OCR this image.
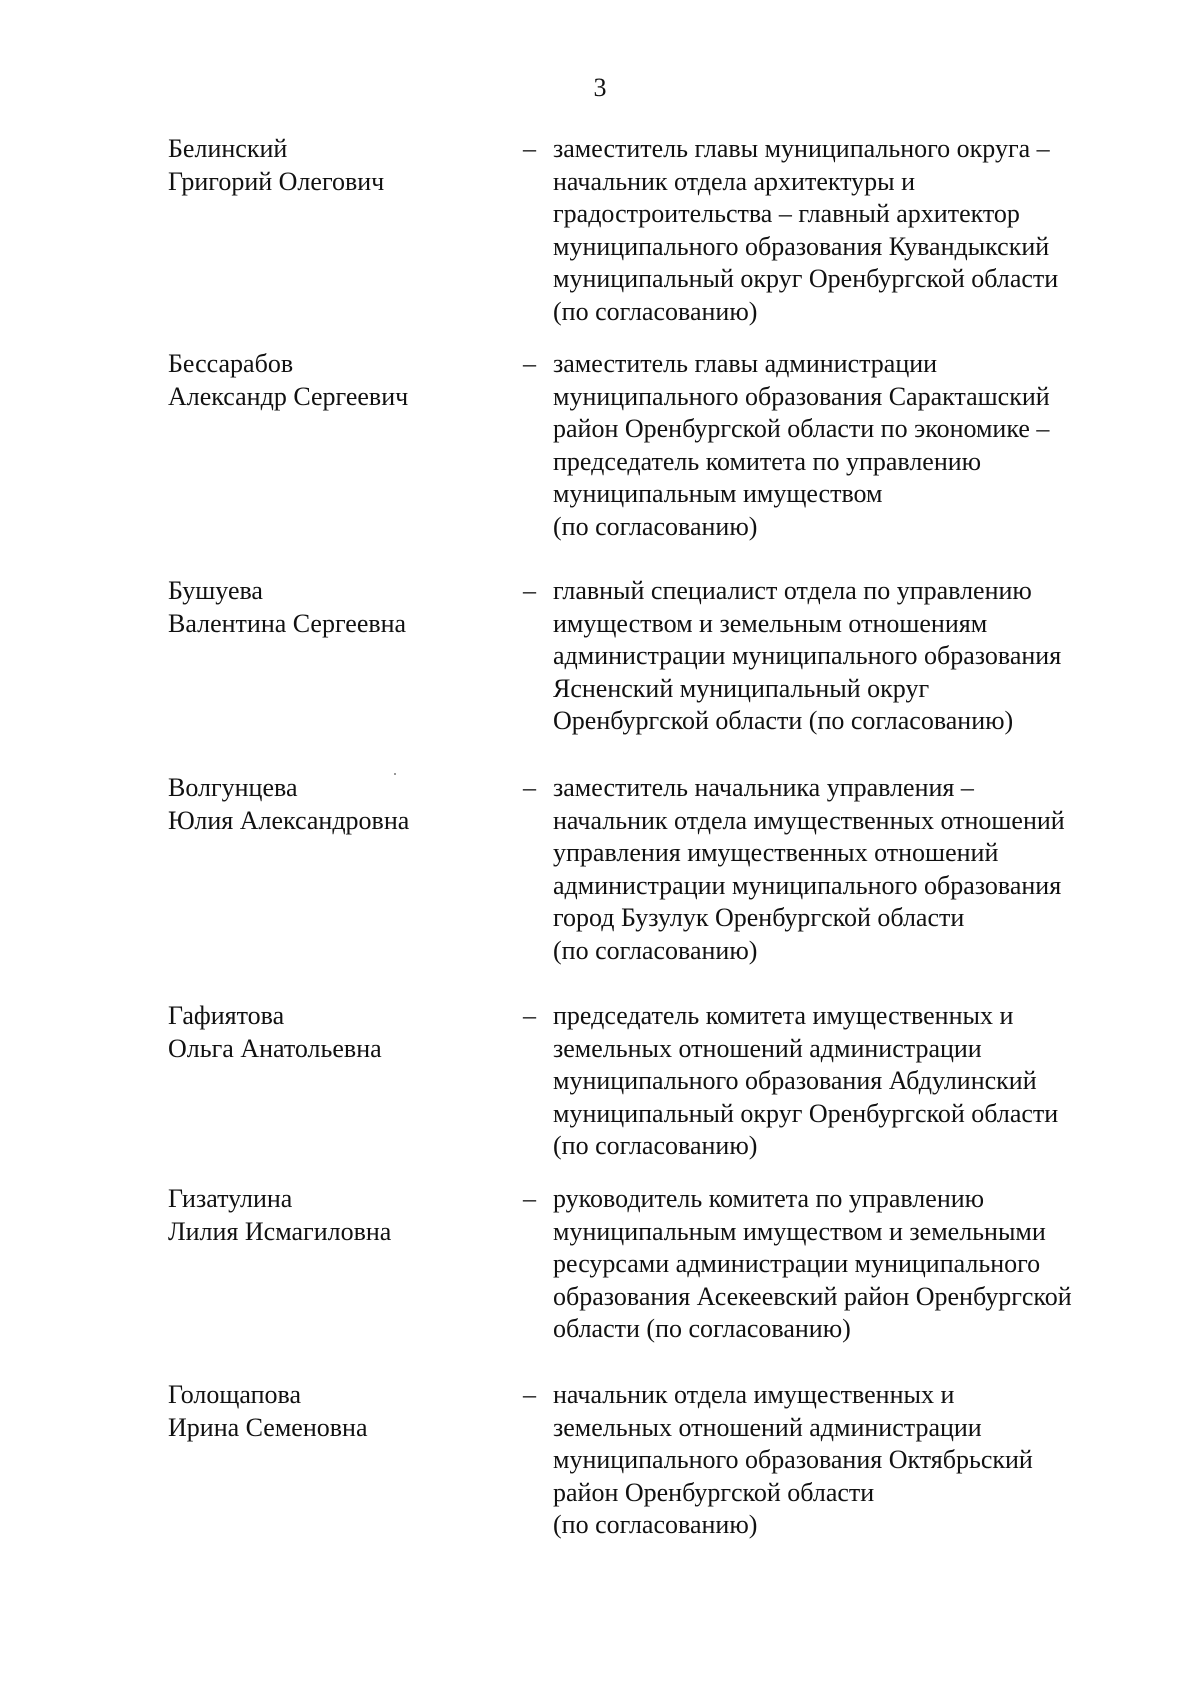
3
Белинский
Григорий Олегович
– заместитель главы муниципального округа –
начальник отдела архитектуры и
градостроительства – главный архитектор
муниципального образования Кувандыкский
муниципальный округ Оренбургской области
(по согласованию)
Бессарабов
Александр Сергеевич
– заместитель главы администрации
муниципального образования Саракташский
район Оренбургской области по экономике –
председатель комитета по управлению
муниципальным имуществом
(по согласованию)
Бушуева
Валентина Сергеевна
– главный специалист отдела по управлению
имуществом и земельным отношениям
администрации муниципального образования
Ясненский муниципальный округ
Оренбургской области (по согласованию)
Волгунцева
Юлия Александровна
– заместитель начальника управления –
начальник отдела имущественных отношений
управления имущественных отношений
администрации муниципального образования
город Бузулук Оренбургской области
(по согласованию)
Гафиятова
Ольга Анатольевна
– председатель комитета имущественных и
земельных отношений администрации
муниципального образования Абдулинский
муниципальный округ Оренбургской области
(по согласованию)
Гизатулина
Лилия Исмагиловна
– руководитель комитета по управлению
муниципальным имуществом и земельными
ресурсами администрации муниципального
образования Асекеевский район Оренбургской
области (по согласованию)
Голощапова
Ирина Семеновна
– начальник отдела имущественных и
земельных отношений администрации
муниципального образования Октябрьский
район Оренбургской области
(по согласованию)
